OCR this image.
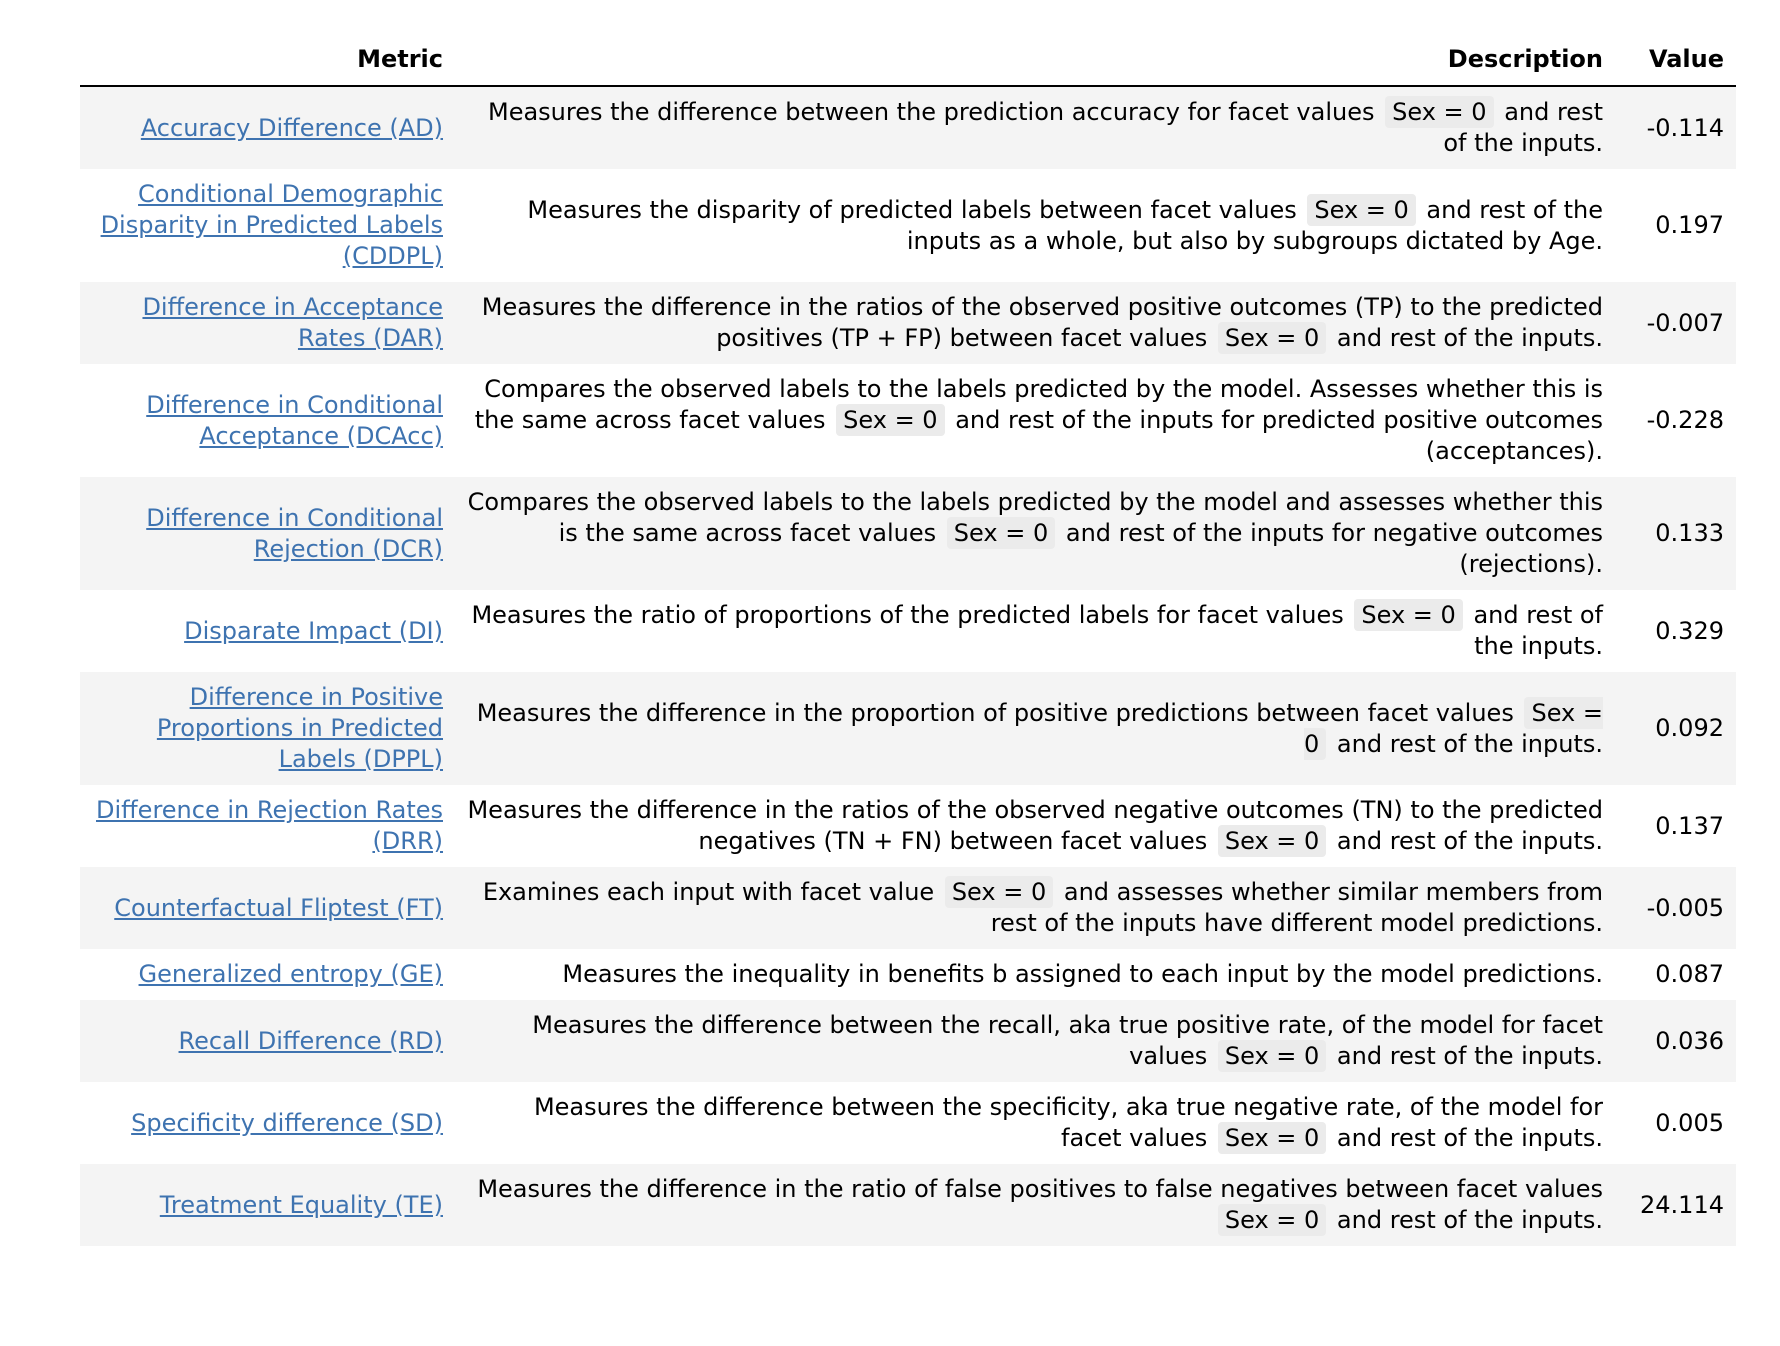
Metric	Description	Value
Accuracy Difference (AD)	Measures the difference between the prediction accuracy for facet values Sex = 0 and rest of the inputs.	-0.114
Conditional Demographic Disparity in Predicted Labels (CDDPL)	Measures the disparity of predicted labels between facet values Sex = 0 and rest of the inputs as a whole, but also by subgroups dictated by Age.	0.197
Difference in Acceptance Rates (DAR)	Measures the difference in the ratios of the observed positive outcomes (TP) to the predicted positives (TP + FP) between facet values Sex = 0 and rest of the inputs.	-0.007
Difference in Conditional Acceptance (DCAcc)	Compares the observed labels to the labels predicted by the model. Assesses whether this is the same across facet values Sex = 0 and rest of the inputs for predicted positive outcomes (acceptances).	-0.228
Difference in Conditional Rejection (DCR)	Compares the observed labels to the labels predicted by the model and assesses whether this is the same across facet values Sex = 0 and rest of the inputs for negative outcomes (rejections).	0.133
Disparate Impact (DI)	Measures the ratio of proportions of the predicted labels for facet values Sex = 0 and rest of the inputs.	0.329
Difference in Positive Proportions in Predicted Labels (DPPL)	Measures the difference in the proportion of positive predictions between facet values Sex = 0 and rest of the inputs.	0.092
Difference in Rejection Rates (DRR)	Measures the difference in the ratios of the observed negative outcomes (TN) to the predicted negatives (TN + FN) between facet values Sex = 0 and rest of the inputs.	0.137
Counterfactual Fliptest (FT)	Examines each input with facet value Sex = 0 and assesses whether similar members from rest of the inputs have different model predictions.	-0.005
Generalized entropy (GE)	Measures the inequality in benefits b assigned to each input by the model predictions.	0.087
Recall Difference (RD)	Measures the difference between the recall, aka true positive rate, of the model for facet values Sex = 0 and rest of the inputs.	0.036
Specificity difference (SD)	Measures the difference between the specificity, aka true negative rate, of the model for facet values Sex = 0 and rest of the inputs.	0.005
Treatment Equality (TE)	Measures the difference in the ratio of false positives to false negatives between facet values Sex = 0 and rest of the inputs.	24.114
